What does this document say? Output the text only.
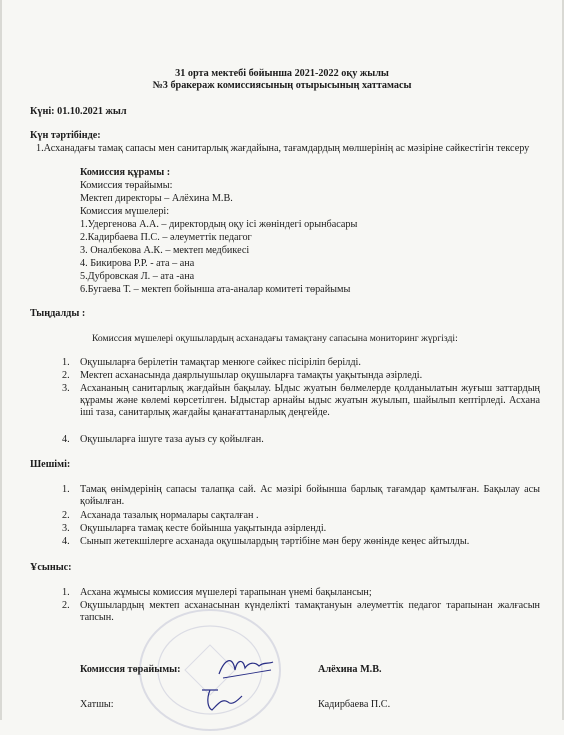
31 орта мектебі бойынша 2021-2022 оқу жылы
№3 бракераж комиссиясының отырысының хаттамасы
Күні: 01.10.2021 жыл
Күн тәртібінде:
1.Асханадағы тамақ сапасы мен санитарлық жағдайына, тағамдардың мөлшерінің ас мәзіріне сәйкестігін тексеру
Комиссия құрамы :
Комиссия төрайымы:
Мектеп директоры – Алёхина М.В.
Комиссия мүшелері:
1.Удергенова А.А. – директордың оқу ісі жөніндегі орынбасары
2.Кадирбаева П.С. – әлеуметтік педагог
3. Оналбекова А.К. – мектеп медбикесі
4. Бикирова Р.Р. - ата – ана
5.Дубровская Л. – ата -ана
6.Бугаева Т. – мектеп бойынша ата-аналар комитеті төрайымы
Тыңдалды :
Комиссия мүшелері оқушылардың асханадағы тамақтану сапасына мониторинг жүргізді:
1. Оқушыларға берілетін тамақтар менюге сәйкес пісіріліп берілді.
2. Мектеп асханасында даярлыушылар оқушыларға тамақты уақытында әзірледі.
3. Асхананың санитарлық жағдайын бақылау. Ыдыс жуатын бөлмелерде қолданылатын жуғыш заттардың құрамы және көлемі көрсетілген. Ыдыстар арнайы ыдыс жуатын жуылып, шайылып кептірледі. Асхана іші таза, санитарлық жағдайы қанағаттанарлық деңгейде.
4. Оқушыларға ішуге таза ауыз су қойылған.
Шешімі:
1. Тамақ өнімдерінің сапасы талапқа сай. Ас мәзірі бойынша барлық тағамдар қамтылған. Бақылау асы қойылған.
2. Асханада тазалық нормалары сақталған .
3. Оқушыларға тамақ кесте бойынша уақытында әзірленді.
4. Сынып жетекшілерге асханада оқушылардың тәртібіне мән беру жөнінде кеңес айтылды.
Ұсыныс:
1. Асхана жұмысы комиссия мүшелері тарапынан үнемі бақылансын;
2. Оқушылардың мектеп асханасынан күнделікті тамақтануын әлеуметтік педагог тарапынан жалғасын тапсын.
Комиссия төрайымы:	Алёхина М.В.
Хатшы:	Кадирбаева П.С.
